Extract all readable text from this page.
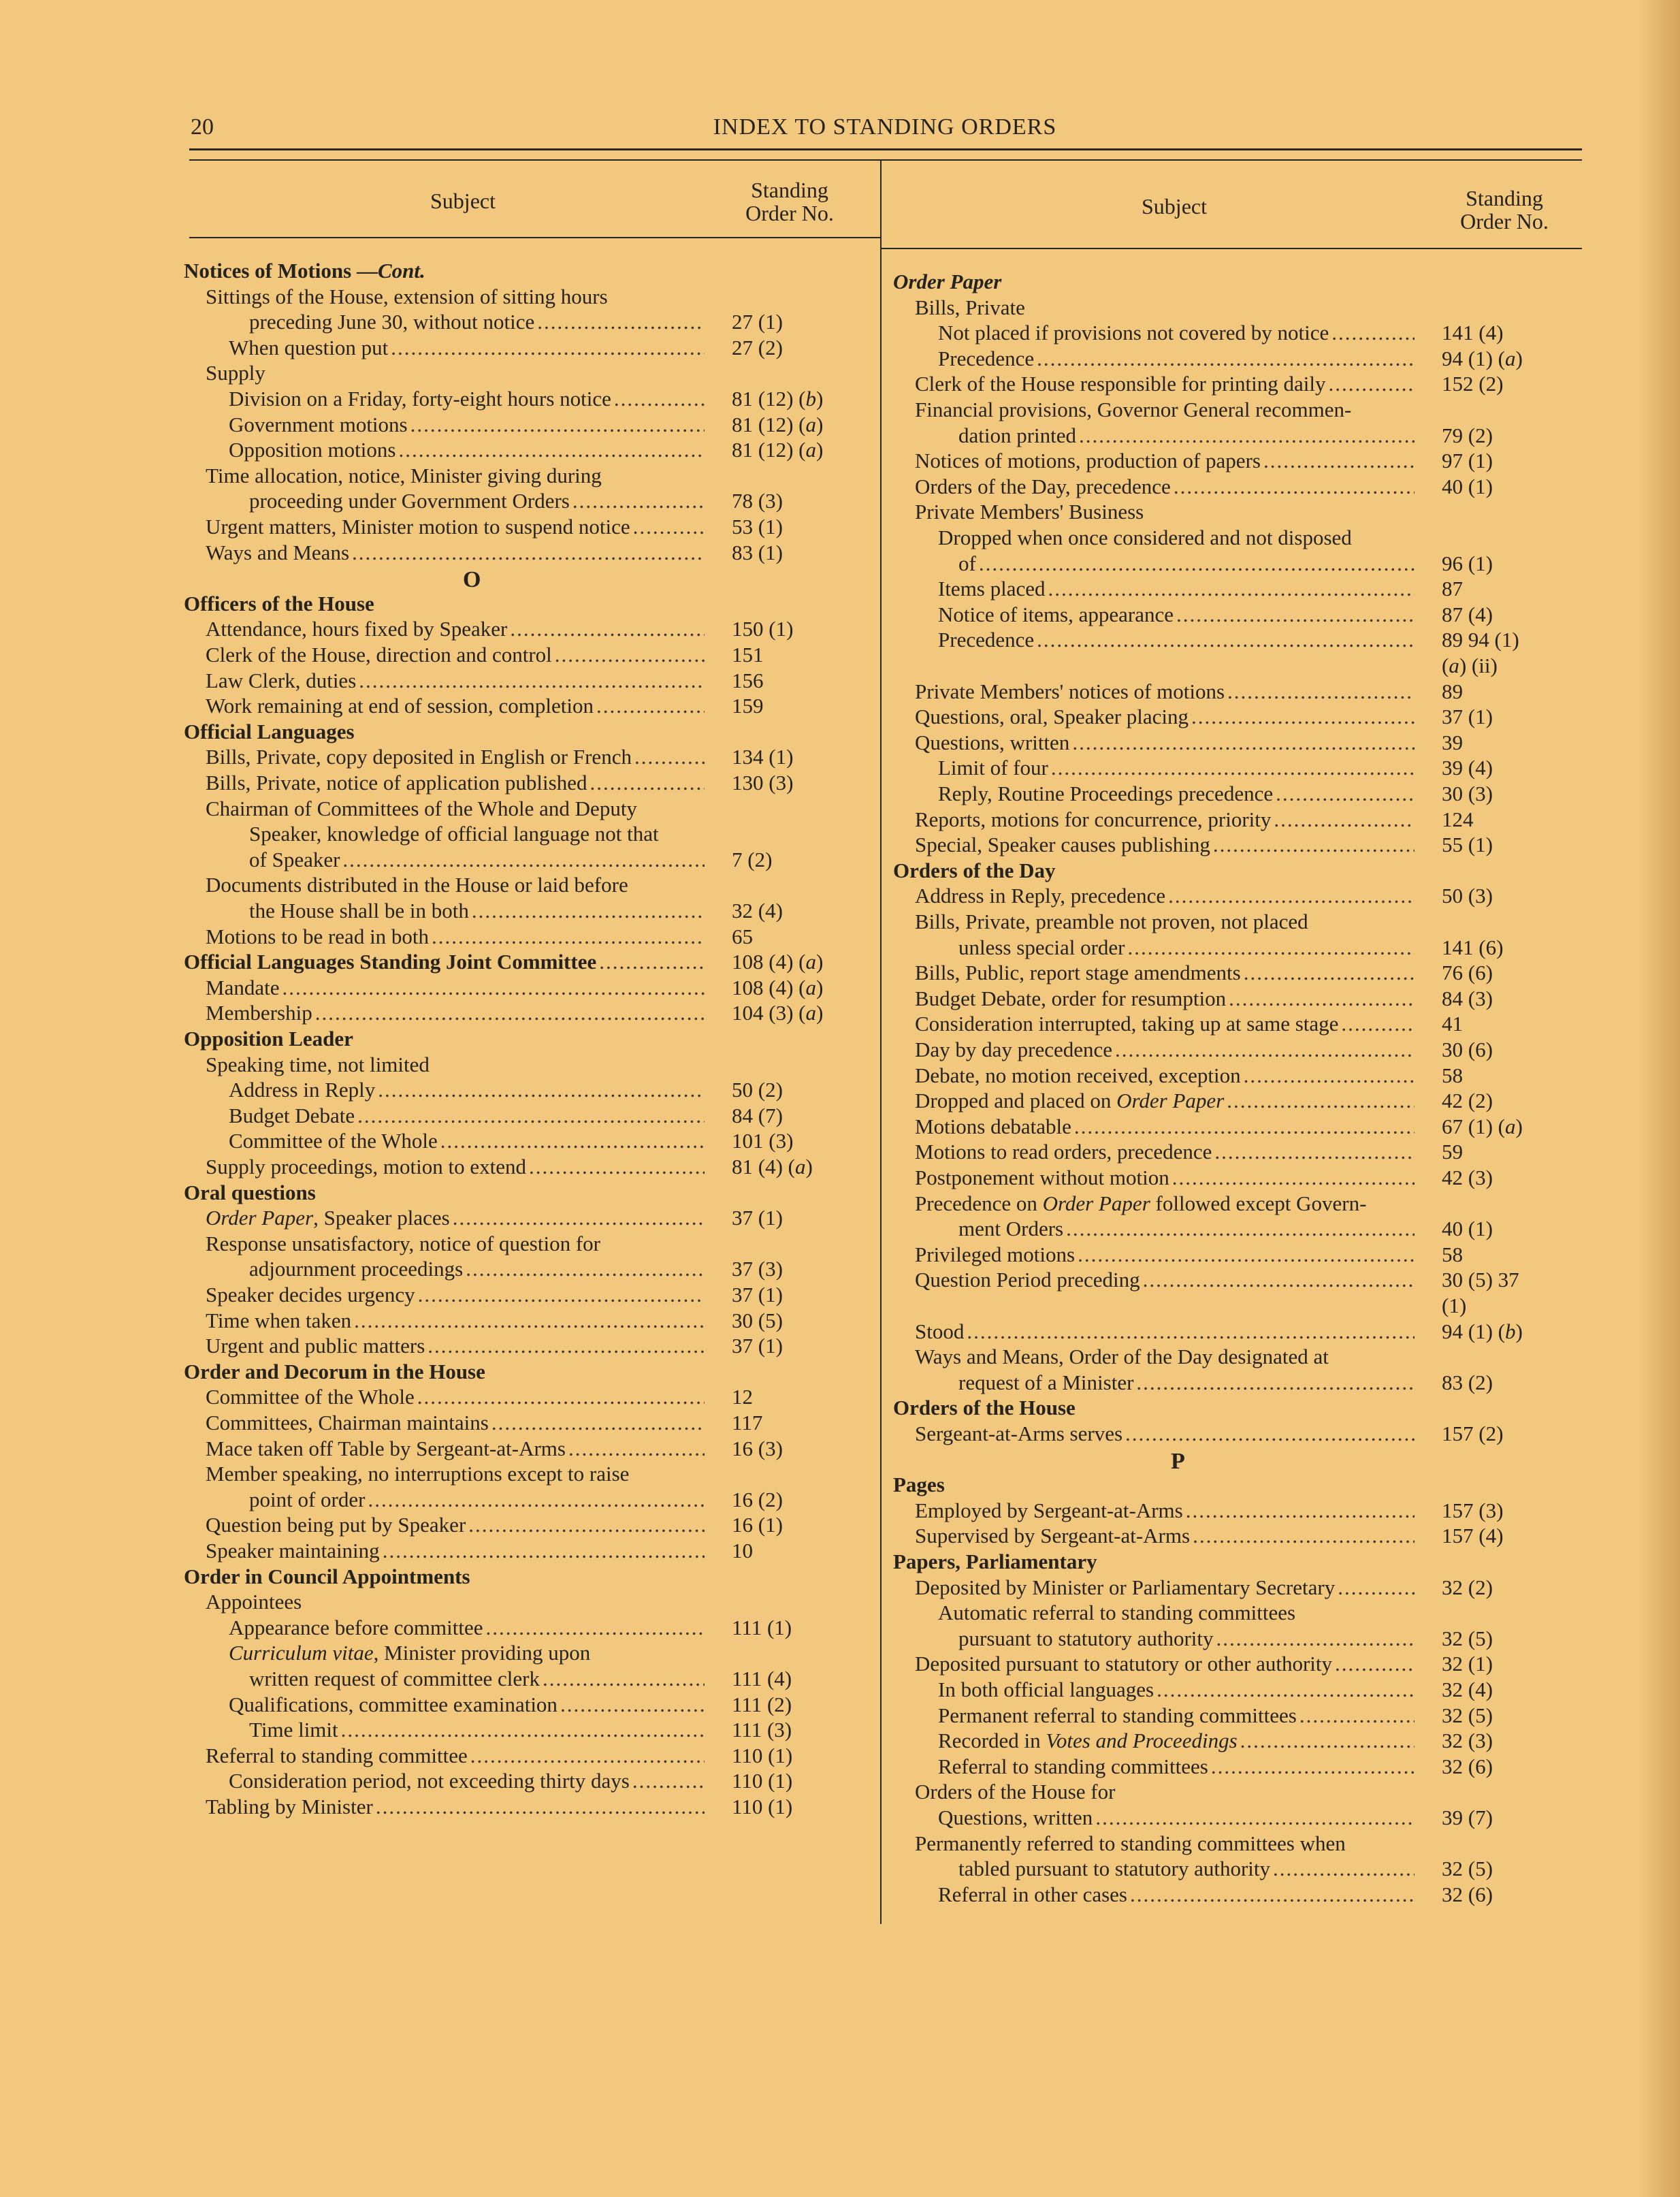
20	INDEX TO STANDING ORDERS
Subject	Standing
Order No.	Subject	Standing
Order No.
Notices of Motions —Cont.
Sittings of the House, extension of sitting hours
preceding June 30, without notice	27 (1)
.....
When question put	27 (2)
.....
Supply
Division on a Friday, forty-eight hours notice	81 (12) (b)
.....
Government motions	81 (12) (a)
.....
Opposition motions	81 (12) (a)
.....
Time allocation, notice, Minister giving during
proceeding under Government Orders	78 (3)
.....
Urgent matters, Minister motion to suspend notice	53 (1)
.....
Ways and Means	83 (1)
.....
O
Officers of the House
Attendance, hours fixed by Speaker	150 (1)
.....
Clerk of the House, direction and control	151
.....
Law Clerk, duties	156
.....
Work remaining at end of session, completion	159
.....
Official Languages
Bills, Private, copy deposited in English or French	134 (1)
.....
Bills, Private, notice of application published	130 (3)
.....
Chairman of Committees of the Whole and Deputy
Speaker, knowledge of official language not that
of Speaker	7 (2)
.....
Documents distributed in the House or laid before
the House shall be in both	32 (4)
.....
Motions to be read in both	65
.....
Official Languages Standing Joint Committee	108 (4) (a)
.....
Mandate	108 (4) (a)
.....
Membership	104 (3) (a)
.....
Opposition Leader
Speaking time, not limited
Address in Reply	50 (2)
.....
Budget Debate	84 (7)
.....
Committee of the Whole	101 (3)
.....
Supply proceedings, motion to extend	81 (4) (a)
.....
Oral questions
Order Paper, Speaker places	37 (1)
.....
Response unsatisfactory, notice of question for
adjournment proceedings	37 (3)
.....
Speaker decides urgency	37 (1)
.....
Time when taken	30 (5)
.....
Urgent and public matters	37 (1)
.....
Order and Decorum in the House
Committee of the Whole	12
.....
Committees, Chairman maintains	117
.....
Mace taken off Table by Sergeant-at-Arms	16 (3)
.....
Member speaking, no interruptions except to raise
point of order	16 (2)
.....
Question being put by Speaker	16 (1)
.....
Speaker maintaining	10
.....
Order in Council Appointments
Appointees
Appearance before committee	111 (1)
.....
Curriculum vitae, Minister providing upon
written request of committee clerk	111 (4)
.....
Qualifications, committee examination	111 (2)
.....
Time limit	111 (3)
.....
Referral to standing committee	110 (1)
.....
Consideration period, not exceeding thirty days	110 (1)
.....
Tabling by Minister	110 (1)
.....
Order Paper
Bills, Private
Not placed if provisions not covered by notice	141 (4)
.....
Precedence	94 (1) (a)
.....
Clerk of the House responsible for printing daily	152 (2)
.....
Financial provisions, Governor General recommen-
dation printed	79 (2)
.....
Notices of motions, production of papers	97 (1)
.....
Orders of the Day, precedence	40 (1)
.....
Private Members' Business
Dropped when once considered and not disposed
of	96 (1)
.....
Items placed	87
.....
Notice of items, appearance	87 (4)
.....
Precedence	89 94 (1)
.....
(a) (ii)
Private Members' notices of motions	89
.....
Questions, oral, Speaker placing	37 (1)
.....
Questions, written	39
.....
Limit of four	39 (4)
.....
Reply, Routine Proceedings precedence	30 (3)
.....
Reports, motions for concurrence, priority	124
.....
Special, Speaker causes publishing	55 (1)
.....
Orders of the Day
Address in Reply, precedence	50 (3)
.....
Bills, Private, preamble not proven, not placed
unless special order	141 (6)
.....
Bills, Public, report stage amendments	76 (6)
.....
Budget Debate, order for resumption	84 (3)
.....
Consideration interrupted, taking up at same stage	41
.....
Day by day precedence	30 (6)
.....
Debate, no motion received, exception	58
.....
Dropped and placed on Order Paper	42 (2)
.....
Motions debatable	67 (1) (a)
.....
Motions to read orders, precedence	59
.....
Postponement without motion	42 (3)
.....
Precedence on Order Paper followed except Govern-
ment Orders	40 (1)
.....
Privileged motions	58
.....
Question Period preceding	30 (5) 37
.....
(1)
Stood	94 (1) (b)
.....
Ways and Means, Order of the Day designated at
request of a Minister	83 (2)
.....
Orders of the House
Sergeant-at-Arms serves	157 (2)
.....
P
Pages
Employed by Sergeant-at-Arms	157 (3)
.....
Supervised by Sergeant-at-Arms	157 (4)
.....
Papers, Parliamentary
Deposited by Minister or Parliamentary Secretary	32 (2)
.....
Automatic referral to standing committees
pursuant to statutory authority	32 (5)
.....
Deposited pursuant to statutory or other authority	32 (1)
.....
In both official languages	32 (4)
.....
Permanent referral to standing committees	32 (5)
.....
Recorded in Votes and Proceedings	32 (3)
.....
Referral to standing committees	32 (6)
.....
Orders of the House for
Questions, written	39 (7)
.....
Permanently referred to standing committees when
tabled pursuant to statutory authority	32 (5)
.....
Referral in other cases	32 (6)
.....
